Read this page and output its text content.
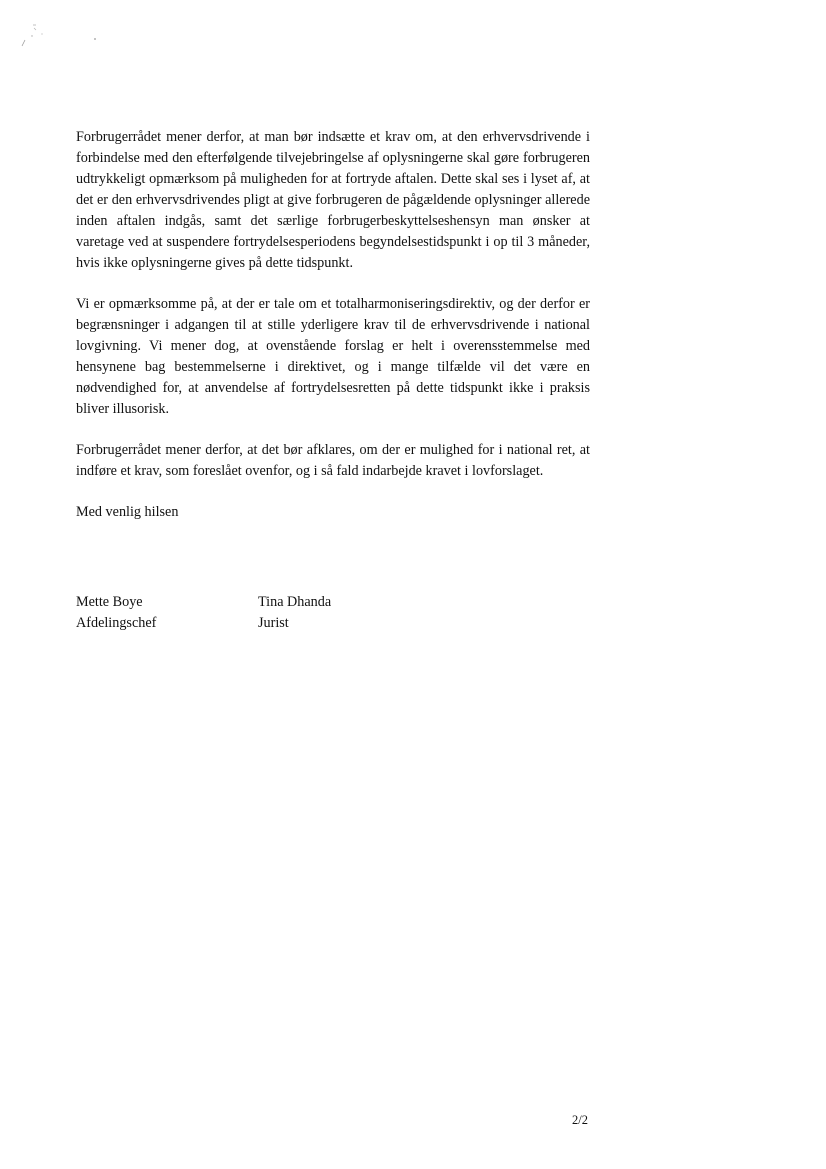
Forbrugerrådet mener derfor, at man bør indsætte et krav om, at den erhvervsdrivende i forbindelse med den efterfølgende tilvejebringelse af oplysningerne skal gøre forbrugeren udtrykkeligt opmærksom på muligheden for at fortryde aftalen. Dette skal ses i lyset af, at det er den erhvervsdrivendes pligt at give forbrugeren de pågældende oplysninger allerede inden aftalen indgås, samt det særlige forbrugerbeskyttelseshensyn man ønsker at varetage ved at suspendere fortrydelsesperiodens begyndelsestidspunkt i op til 3 måneder, hvis ikke oplysningerne gives på dette tidspunkt.

Vi er opmærksomme på, at der er tale om et totalharmoniseringsdirektiv, og der derfor er begrænsninger i adgangen til at stille yderligere krav til de erhvervsdrivende i national lovgivning. Vi mener dog, at ovenstående forslag er helt i overensstemmelse med hensynene bag bestemmelserne i direktivet, og i mange tilfælde vil det være en nødvendighed for, at anvendelse af fortrydelsesretten på dette tidspunkt ikke i praksis bliver illusorisk.

Forbrugerrådet mener derfor, at det bør afklares, om der er mulighed for i national ret, at indføre et krav, som foreslået ovenfor, og i så fald indarbejde kravet i lovforslaget.

Med venlig hilsen

Mette Boye
Afdelingschef
Tina Dhanda
Jurist
2/2
